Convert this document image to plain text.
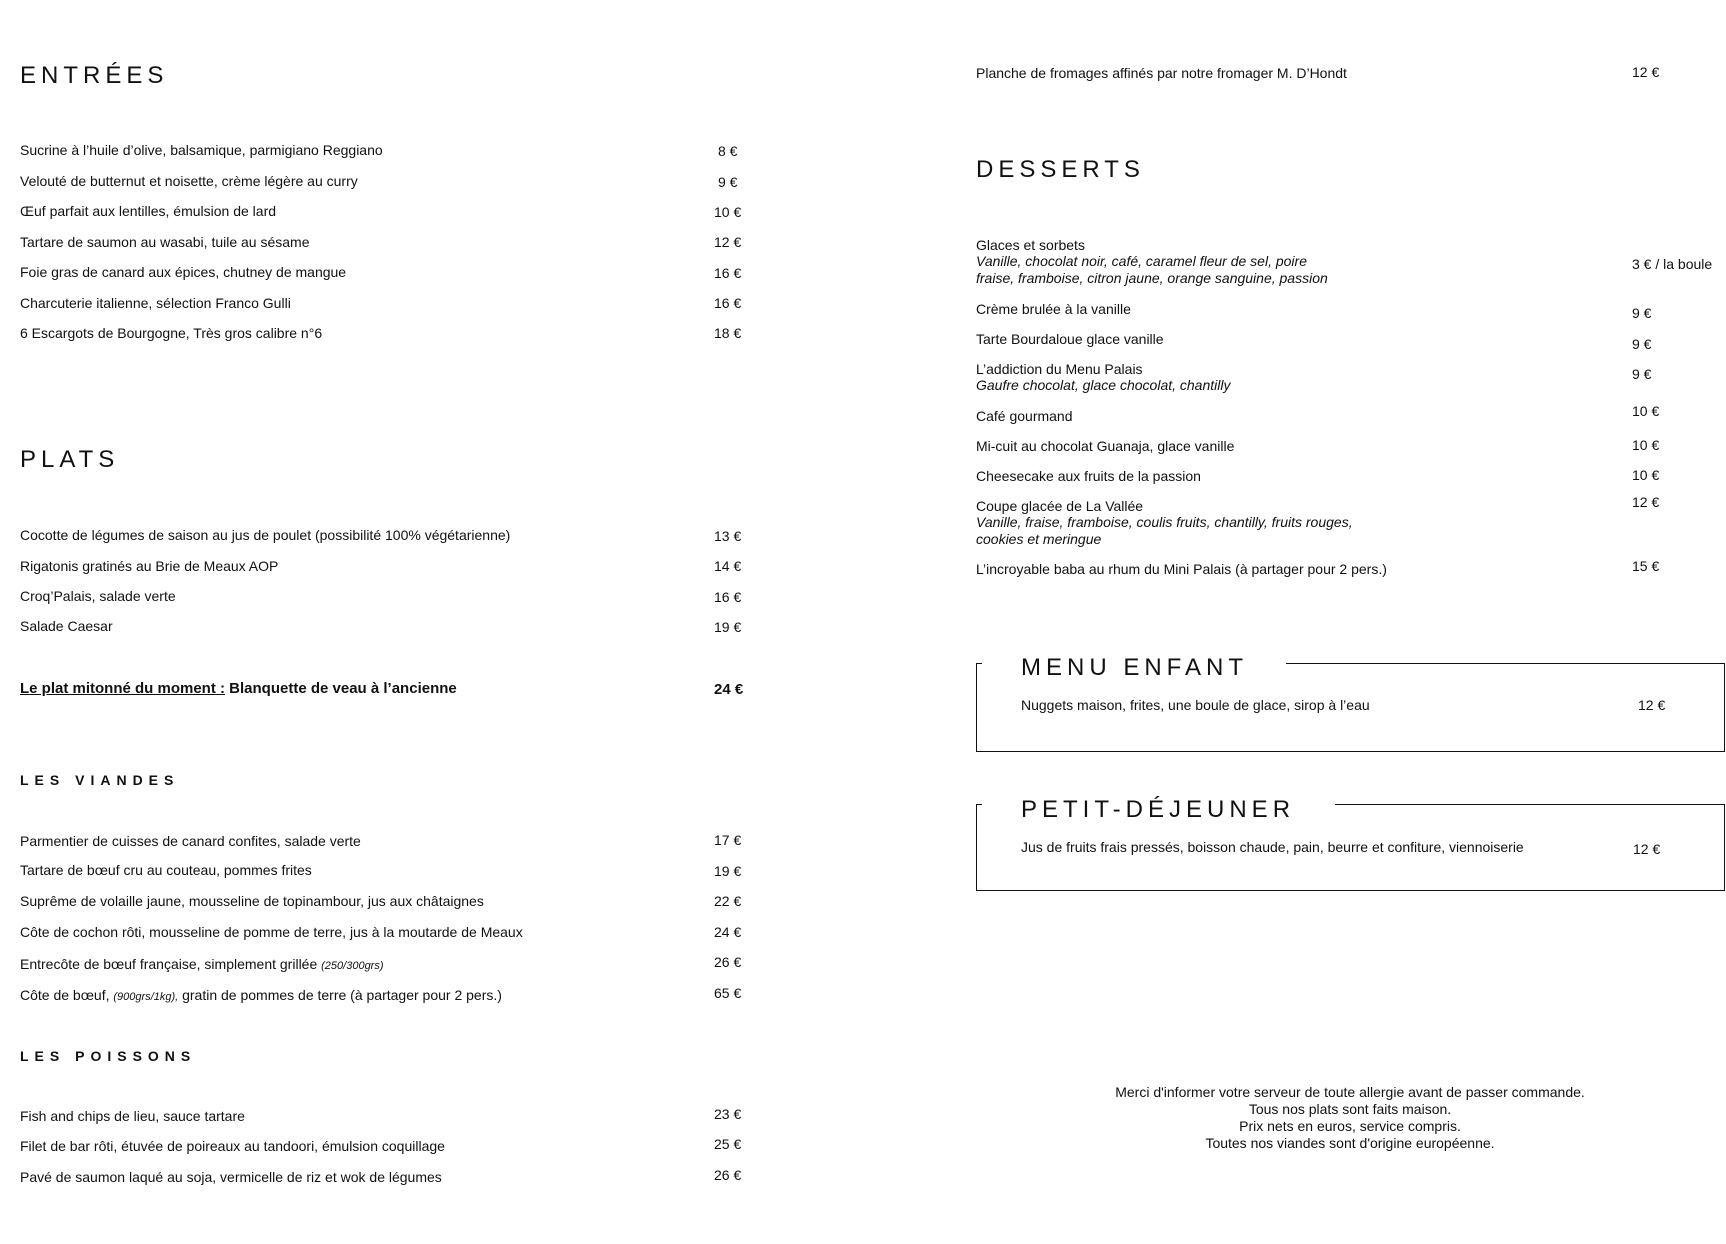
ENTRÉES
Sucrine à l’huile d’olive, balsamique, parmigiano Reggiano	8 €
Velouté de butternut et noisette, crème légère au curry	9 €
Œuf parfait aux lentilles, émulsion de lard	10 €
Tartare de saumon au wasabi, tuile au sésame	12 €
Foie gras de canard aux épices, chutney de mangue	16 €
Charcuterie italienne, sélection Franco Gulli	16 €
6 Escargots de Bourgogne, Très gros calibre n°6	18 €
PLATS
Cocotte de légumes de saison au jus de poulet (possibilité 100% végétarienne)	13 €
Rigatonis gratinés au Brie de Meaux AOP	14 €
Croq’Palais, salade verte	16 €
Salade Caesar	19 €
Le plat mitonné du moment : Blanquette de veau à l’ancienne	24 €
LES VIANDES
Parmentier de cuisses de canard confites, salade verte	17 €
Tartare de bœuf cru au couteau, pommes frites	19 €
Suprême de volaille jaune, mousseline de topinambour, jus aux châtaignes	22 €
Côte de cochon rôti, mousseline de pomme de terre, jus à la moutarde de Meaux	24 €
Entrecôte de bœuf française, simplement grillée (250/300grs)	26 €
Côte de bœuf, (900grs/1kg), gratin de pommes de terre (à partager pour 2 pers.)	65 €
LES POISSONS
Fish and chips de lieu, sauce tartare	23 €
Filet de bar rôti, étuvée de poireaux au tandoori, émulsion coquillage	25 €
Pavé de saumon laqué au soja, vermicelle de riz et wok de légumes	26 €
Planche de fromages affinés par notre fromager M. D’Hondt	12 €
DESSERTS
Glaces et sorbets
Vanille, chocolat noir, café, caramel fleur de sel, poire
fraise, framboise, citron jaune, orange sanguine, passion
3 € / la boule
Crème brulée à la vanille	9 €
Tarte Bourdaloue glace vanille	9 €
L’addiction du Menu Palais
Gaufre chocolat, glace chocolat, chantilly
9 €
Café gourmand	10 €
Mi-cuit au chocolat Guanaja, glace vanille	10 €
Cheesecake aux fruits de la passion	10 €
Coupe glacée de La Vallée
Vanille, fraise, framboise, coulis fruits, chantilly, fruits rouges,
cookies et meringue
12 €
L’incroyable baba au rhum du Mini Palais (à partager pour 2 pers.)	15 €
MENU ENFANT
Nuggets maison, frites, une boule de glace, sirop à l’eau	12 €
PETIT-DÉJEUNER
Jus de fruits frais pressés, boisson chaude, pain, beurre et confiture, viennoiserie	12 €
Merci d'informer votre serveur de toute allergie avant de passer commande.
Tous nos plats sont faits maison.
Prix nets en euros, service compris.
Toutes nos viandes sont d'origine européenne.
